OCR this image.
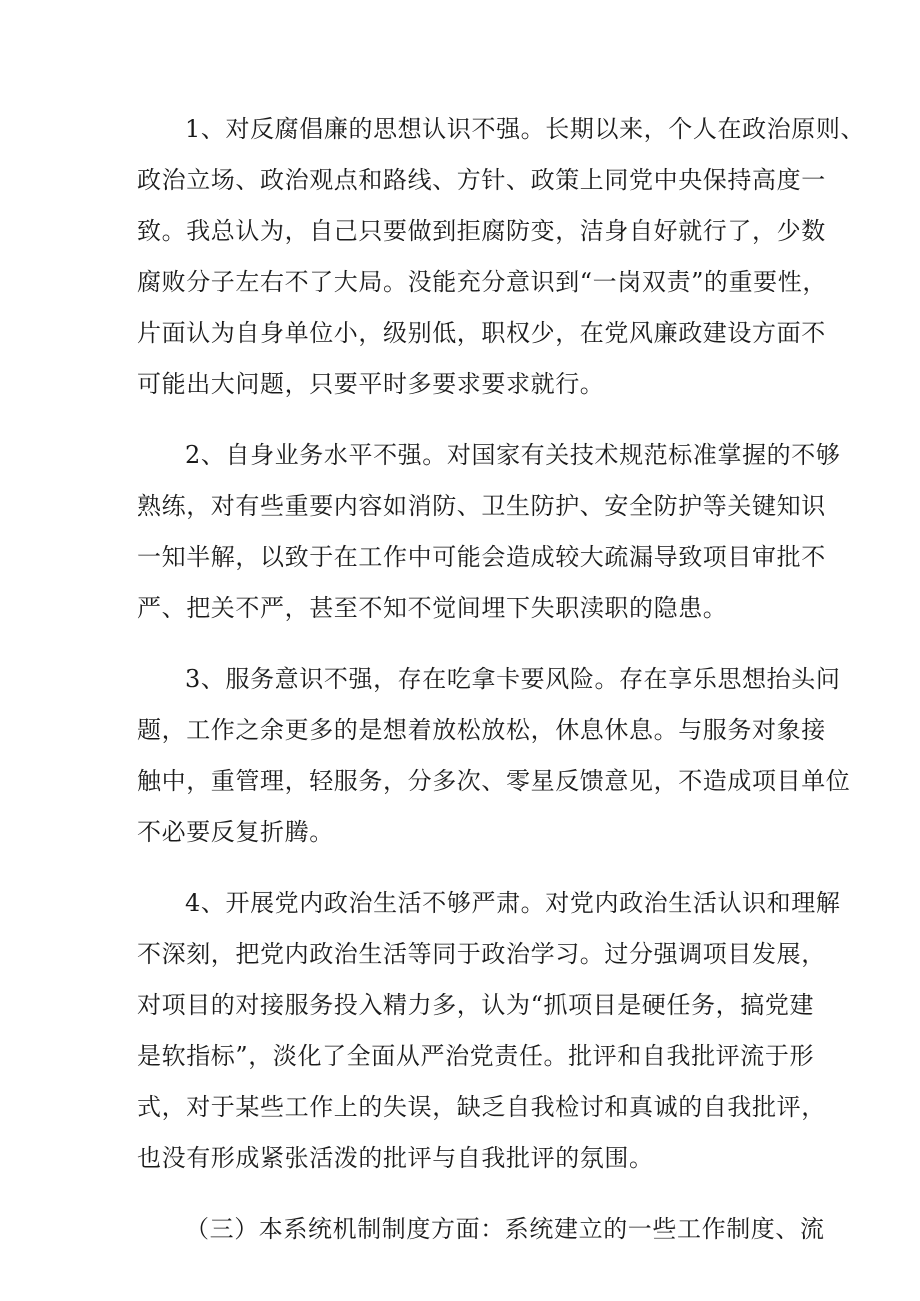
1、对反腐倡廉的思想认识不强。长期以来，个人在政治原则、
政治立场、政治观点和路线、方针、政策上同党中央保持高度一
致。我总认为，自己只要做到拒腐防变，洁身自好就行了，少数
腐败分子左右不了大局。没能充分意识到“一岗双责”的重要性，
片面认为自身单位小，级别低，职权少，在党风廉政建设方面不
可能出大问题，只要平时多要求要求就行。
2、自身业务水平不强。对国家有关技术规范标准掌握的不够
熟练，对有些重要内容如消防、卫生防护、安全防护等关键知识
一知半解，以致于在工作中可能会造成较大疏漏导致项目审批不
严、把关不严，甚至不知不觉间埋下失职渎职的隐患。
3、服务意识不强，存在吃拿卡要风险。存在享乐思想抬头问
题，工作之余更多的是想着放松放松，休息休息。与服务对象接
触中，重管理，轻服务，分多次、零星反馈意见，不造成项目单位
不必要反复折腾。
4、开展党内政治生活不够严肃。对党内政治生活认识和理解
不深刻，把党内政治生活等同于政治学习。过分强调项目发展，
对项目的对接服务投入精力多，认为“抓项目是硬任务，搞党建
是软指标”，淡化了全面从严治党责任。批评和自我批评流于形
式，对于某些工作上的失误，缺乏自我检讨和真诚的自我批评，
也没有形成紧张活泼的批评与自我批评的氛围。
（三）本系统机制制度方面：系统建立的一些工作制度、流
